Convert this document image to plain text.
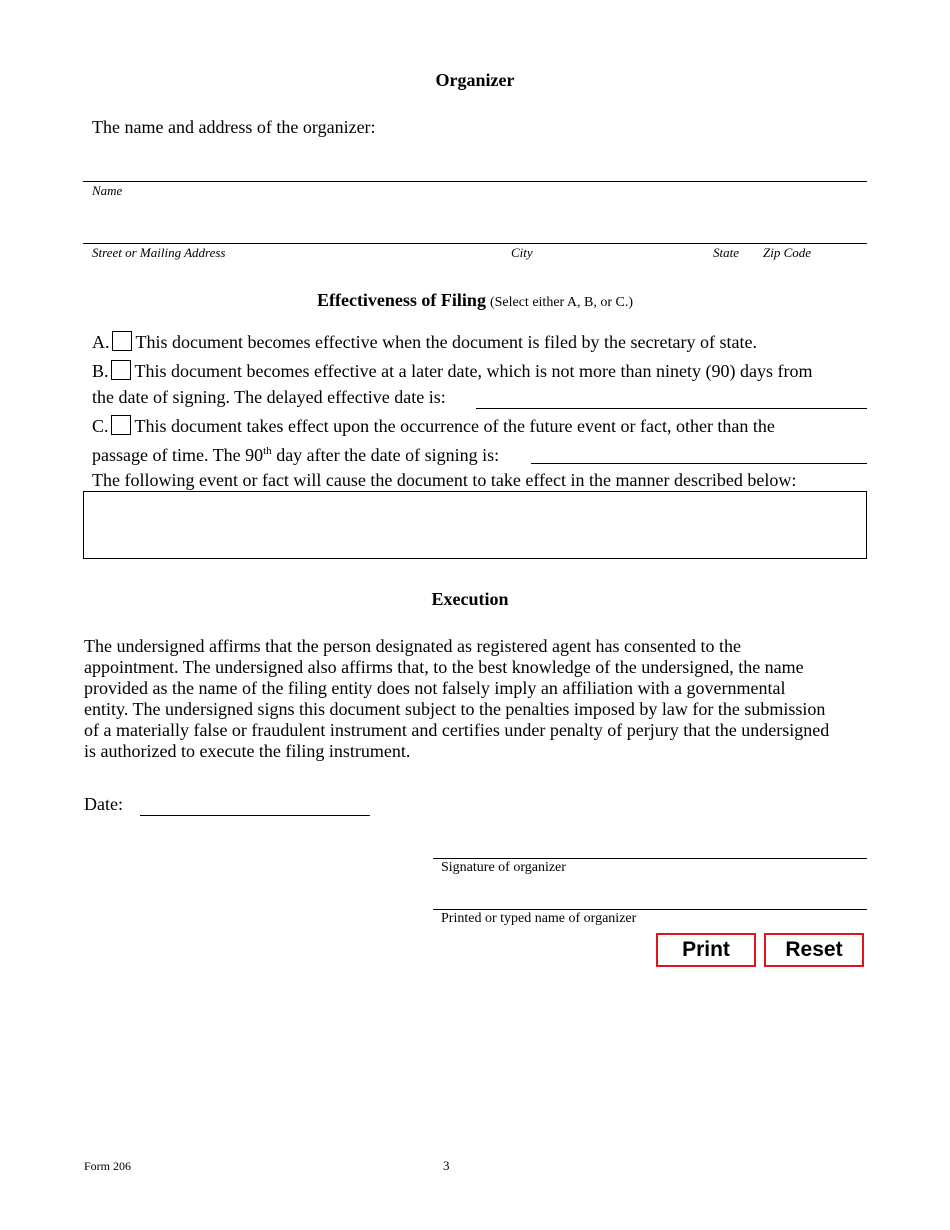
Organizer
The name and address of the organizer:
Name
Street or Mailing Address	City	State Zip Code
Effectiveness of Filing (Select either A, B, or C.)
A. This document becomes effective when the document is filed by the secretary of state.
B. This document becomes effective at a later date, which is not more than ninety (90) days from
the date of signing. The delayed effective date is:
C. This document takes effect upon the occurrence of the future event or fact, other than the
passage of time. The 90th day after the date of signing is:
The following event or fact will cause the document to take effect in the manner described below:
Execution
The undersigned affirms that the person designated as registered agent has consented to the
appointment. The undersigned also affirms that, to the best knowledge of the undersigned, the name
provided as the name of the filing entity does not falsely imply an affiliation with a governmental
entity. The undersigned signs this document subject to the penalties imposed by law for the submission
of a materially false or fraudulent instrument and certifies under penalty of perjury that the undersigned
is authorized to execute the filing instrument.
Date:
Signature of organizer
Printed or typed name of organizer
Print	Reset
Form 206	3
